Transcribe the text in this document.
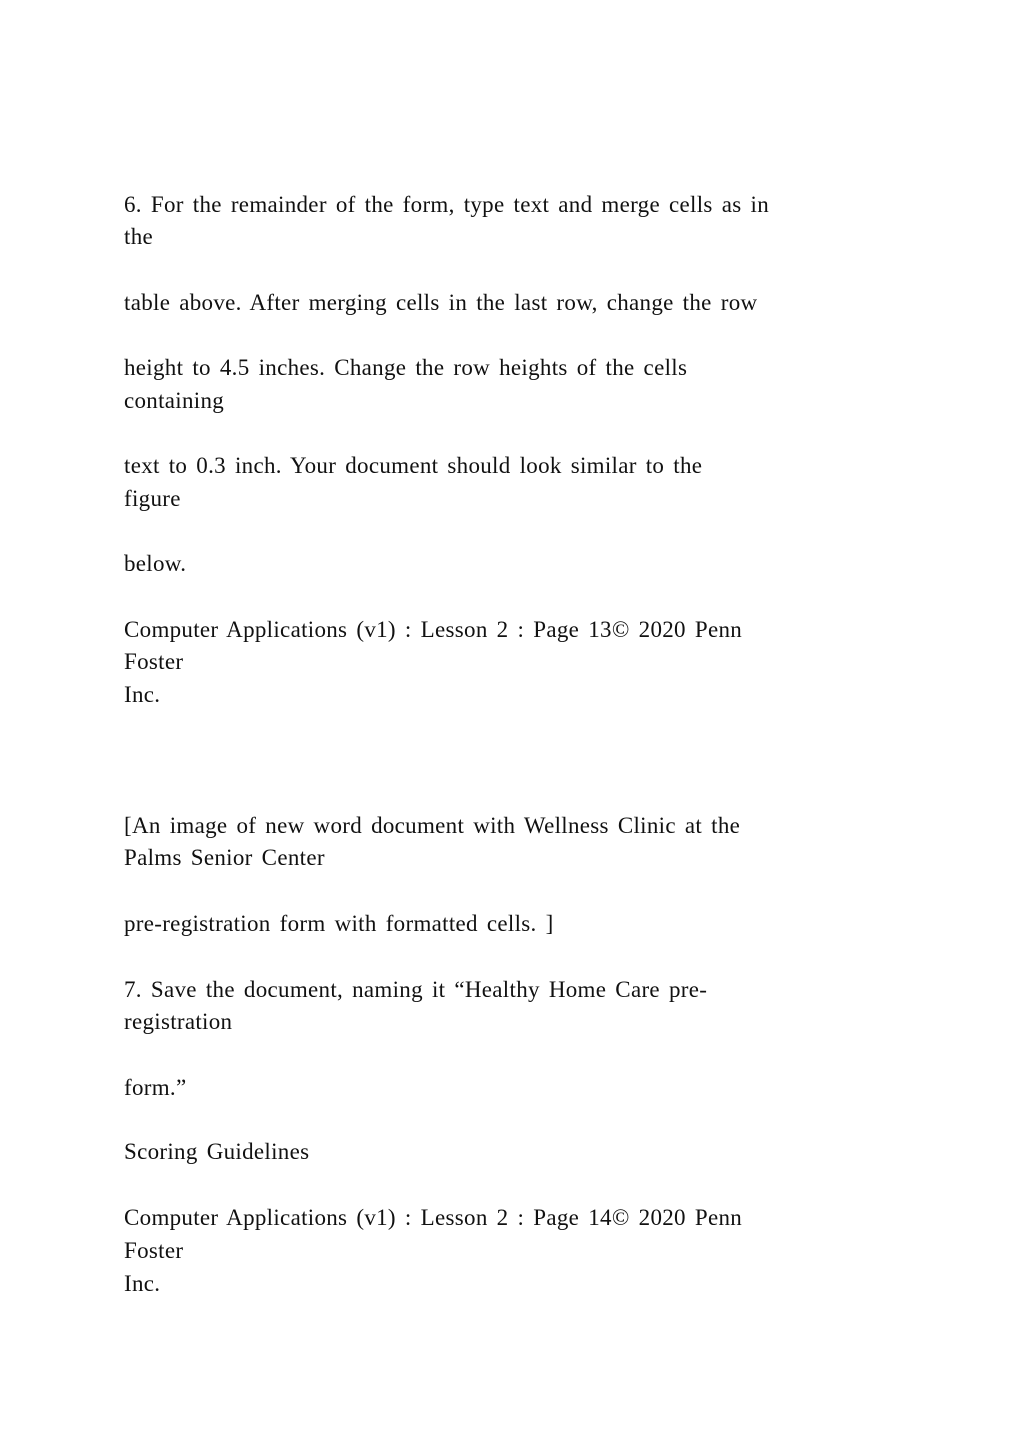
6. For the remainder of the form, type text and merge cells as in
the
table above. After merging cells in the last row, change the row
height to 4.5 inches. Change the row heights of the cells
containing
text to 0.3 inch. Your document should look similar to the
figure
below.
Computer Applications (v1) : Lesson 2 : Page 13© 2020 Penn
Foster
Inc.
[An image of new word document with Wellness Clinic at the
Palms Senior Center
pre-registration form with formatted cells. ]
7. Save the document, naming it “Healthy Home Care pre-
registration
form.”
Scoring Guidelines
Computer Applications (v1) : Lesson 2 : Page 14© 2020 Penn
Foster
Inc.
